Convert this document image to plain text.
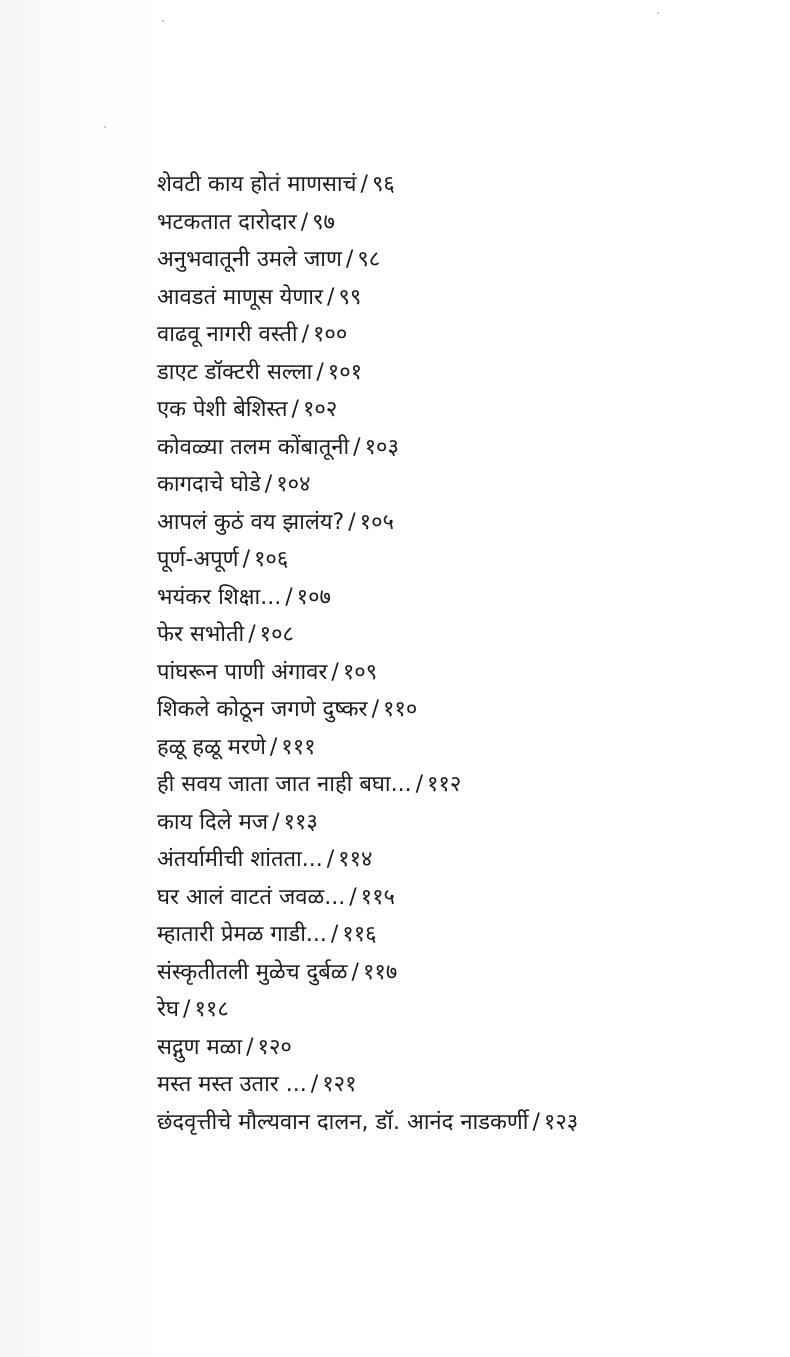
शेवटी काय होतं माणसाचं / ९६
भटकतात दारोदार / ९७
अनुभवातूनी उमले जाण / ९८
आवडतं माणूस येणार / ९९
वाढवू नागरी वस्ती / १००
डाएट डॉक्टरी सल्ला / १०१
एक पेशी बेशिस्त / १०२
कोवळ्या तलम कोंबातूनी / १०३
कागदाचे घोडे / १०४
आपलं कुठं वय झालंय? / १०५
पूर्ण-अपूर्ण / १०६
भयंकर शिक्षा... / १०७
फेर सभोती / १०८
पांघरून पाणी अंगावर / १०९
शिकले कोठून जगणे दुष्कर / ११०
हळू हळू मरणे / १११
ही सवय जाता जात नाही बघा... / ११२
काय दिले मज / ११३
अंतर्यामीची शांतता... / ११४
घर आलं वाटतं जवळ... / ११५
म्हातारी प्रेमळ गाडी... / ११६
संस्कृतीतली मुळेच दुर्बळ / ११७
रेघ / ११८
सद्गुण मळा / १२०
मस्त मस्त उतार ... / १२१
छंदवृत्तीचे मौल्यवान दालन, डॉ. आनंद नाडकर्णी / १२३
